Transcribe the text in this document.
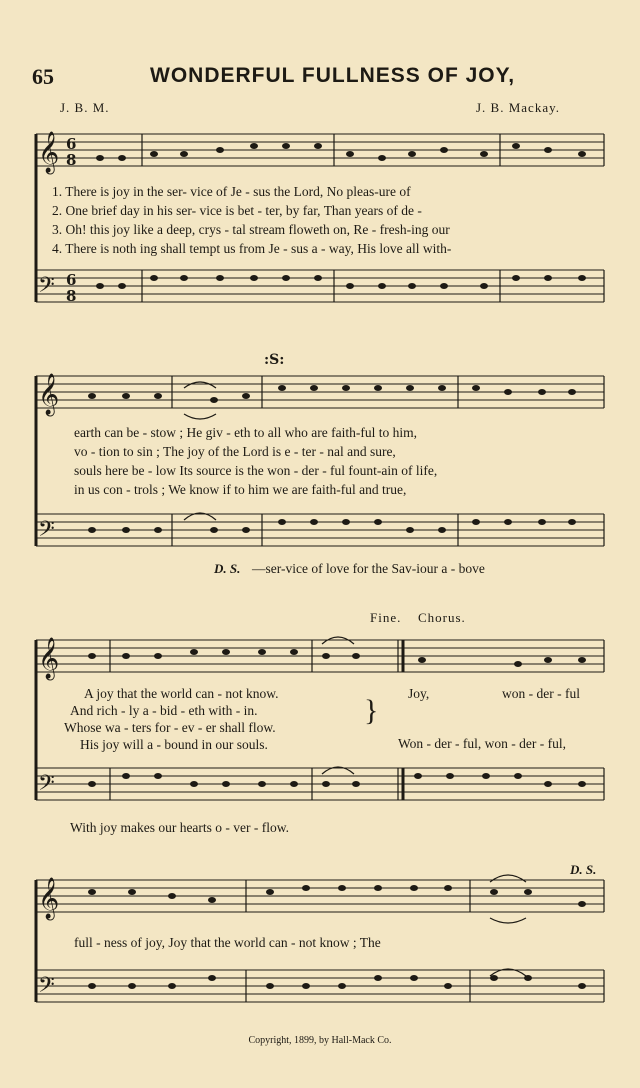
65	WONDERFUL FULLNESS OF JOY,
J. B. M.	J. B. Mackay.
𝄞
𝄢
𝄞
𝄢
𝄞
𝄢
𝄞
𝄢
6
8
6
8
:S:
1. There is joy in the ser- vice of Je - sus the Lord, No pleas-ure of
2. One brief day in his ser- vice is bet - ter, by far, Than years of de -
3. Oh! this joy like a deep, crys - tal stream floweth on, Re - fresh-ing our
4. There is noth ing shall tempt us from Je - sus a - way, His love all with-
earth can be - stow ; He giv - eth to all who are faith-ful to him,
vo - tion to sin ; The joy of the Lord is e - ter - nal and sure,
souls here be - low Its source is the won - der - ful fount-ain of life,
in us con - trols ; We know if to him we are faith-ful and true,
D. S. —ser-vice of love for the Sav-iour a - bove
Fine. Chorus.
A joy that the world can - not know.
And rich - ly a - bid - eth with - in.
Whose wa - ters for - ev - er shall flow.
His joy will a - bound in our souls.
}
Joy,	won - der - ful
Won - der - ful, won - der - ful,
With joy makes our hearts o - ver - flow.
D. S.
full - ness of joy, Joy that the world can - not know ; The
Copyright, 1899, by Hall-Mack Co.
